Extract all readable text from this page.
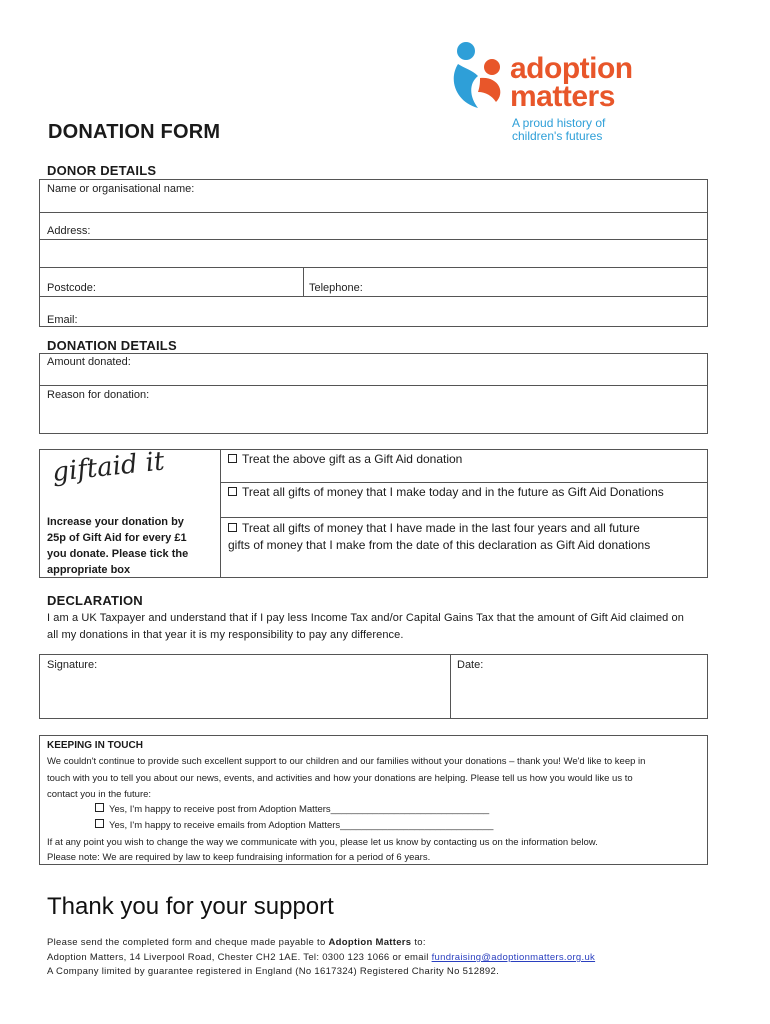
adoption
matters
A proud history of
children's futures
DONATION FORM
DONOR DETAILS
Name or organisational name:
Address:
Postcode:	Telephone:
Email:
DONATION DETAILS
Amount donated:
Reason for donation:
giftaid it
Increase your donation by
25p of Gift Aid for every £1
you donate. Please tick the
appropriate box
Treat the above gift as a Gift Aid donation
Treat all gifts of money that I make today and in the future as Gift Aid Donations
Treat all gifts of money that I have made in the last four years and all future
gifts of money that I make from the date of this declaration as Gift Aid donations
DECLARATION
I am a UK Taxpayer and understand that if I pay less Income Tax and/or Capital Gains Tax that the amount of Gift Aid claimed on
all my donations in that year it is my responsibility to pay any difference.
Signature:	Date:
KEEPING IN TOUCH
We couldn't continue to provide such excellent support to our children and our families without your donations – thank you! We'd like to keep in
touch with you to tell you about our news, events, and activities and how your donations are helping. Please tell us how you would like us to
contact you in the future:
Yes, I'm happy to receive post from Adoption Matters______________________________
Yes, I'm happy to receive emails from Adoption Matters_____________________________
If at any point you wish to change the way we communicate with you, please let us know by contacting us on the information below.
Please note: We are required by law to keep fundraising information for a period of 6 years.
Thank you for your support
Please send the completed form and cheque made payable to Adoption Matters to:
Adoption Matters, 14 Liverpool Road, Chester CH2 1AE. Tel: 0300 123 1066 or email fundraising@adoptionmatters.org.uk
A Company limited by guarantee registered in England (No 1617324) Registered Charity No 512892.
